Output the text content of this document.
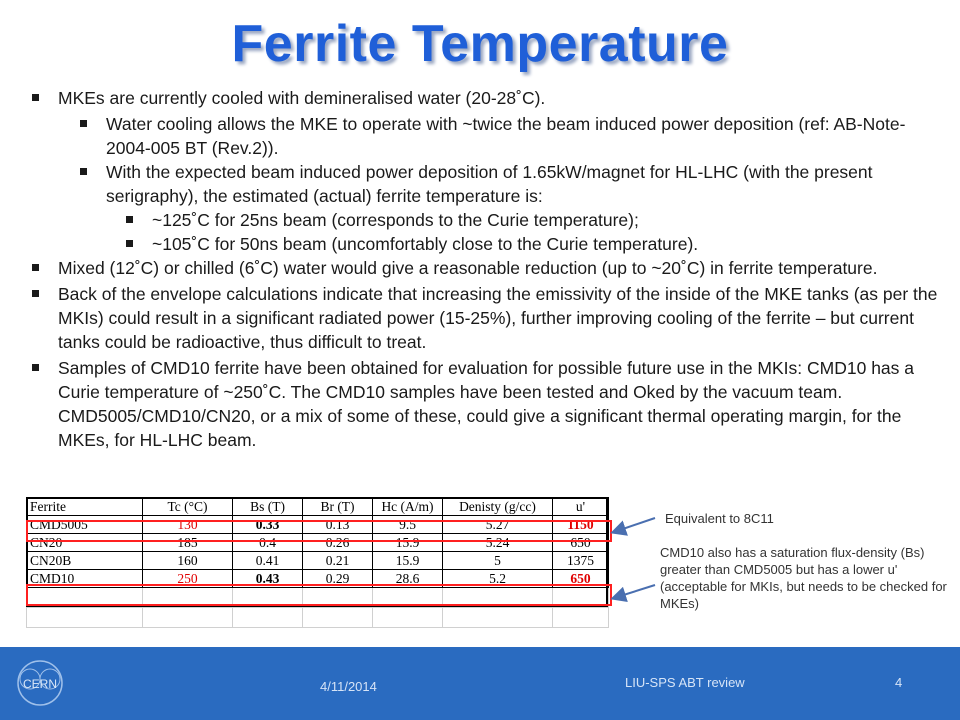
Ferrite Temperature
MKEs are currently cooled with demineralised water (20-28˚C).
Water cooling allows the MKE to operate with ~twice the beam induced power deposition (ref: AB-Note-2004-005 BT (Rev.2)).
With the expected beam induced power deposition of 1.65kW/magnet for HL-LHC (with the present serigraphy), the estimated (actual) ferrite temperature is:
~125˚C for 25ns beam (corresponds to the Curie temperature);
~105˚C for 50ns beam (uncomfortably close to the Curie temperature).
Mixed (12˚C) or chilled (6˚C) water would give a reasonable reduction (up to ~20˚C) in ferrite temperature.
Back of the envelope calculations indicate that increasing the emissivity of the inside of the MKE tanks (as per the MKIs) could result in a significant radiated power (15-25%), further improving cooling of the ferrite – but current tanks could be radioactive, thus difficult to treat.
Samples of CMD10 ferrite have been obtained for evaluation for possible future use in the MKIs: CMD10 has a Curie temperature of ~250˚C. The CMD10 samples have been tested and Oked by the vacuum team. CMD5005/CMD10/CN20, or a mix of some of these, could give a significant thermal operating margin, for the MKEs, for HL-LHC beam.
Ferrite	Tc (°C)	Bs (T)	Br (T)	Hc (A/m)	Denisty (g/cc)	u'
CMD5005	130	0.33	0.13	9.5	5.27	1150
CN20	185	0.4	0.26	15.9	5.24	650
CN20B	160	0.41	0.21	15.9	5	1375
CMD10	250	0.43	0.29	28.6	5.2	650

Equivalent to 8C11
CMD10 also has a saturation flux-density (Bs) greater than CMD5005 but has a lower u' (acceptable for MKIs, but needs to be checked for MKEs)
CERN	4/11/2014	LIU-SPS ABT review	4
